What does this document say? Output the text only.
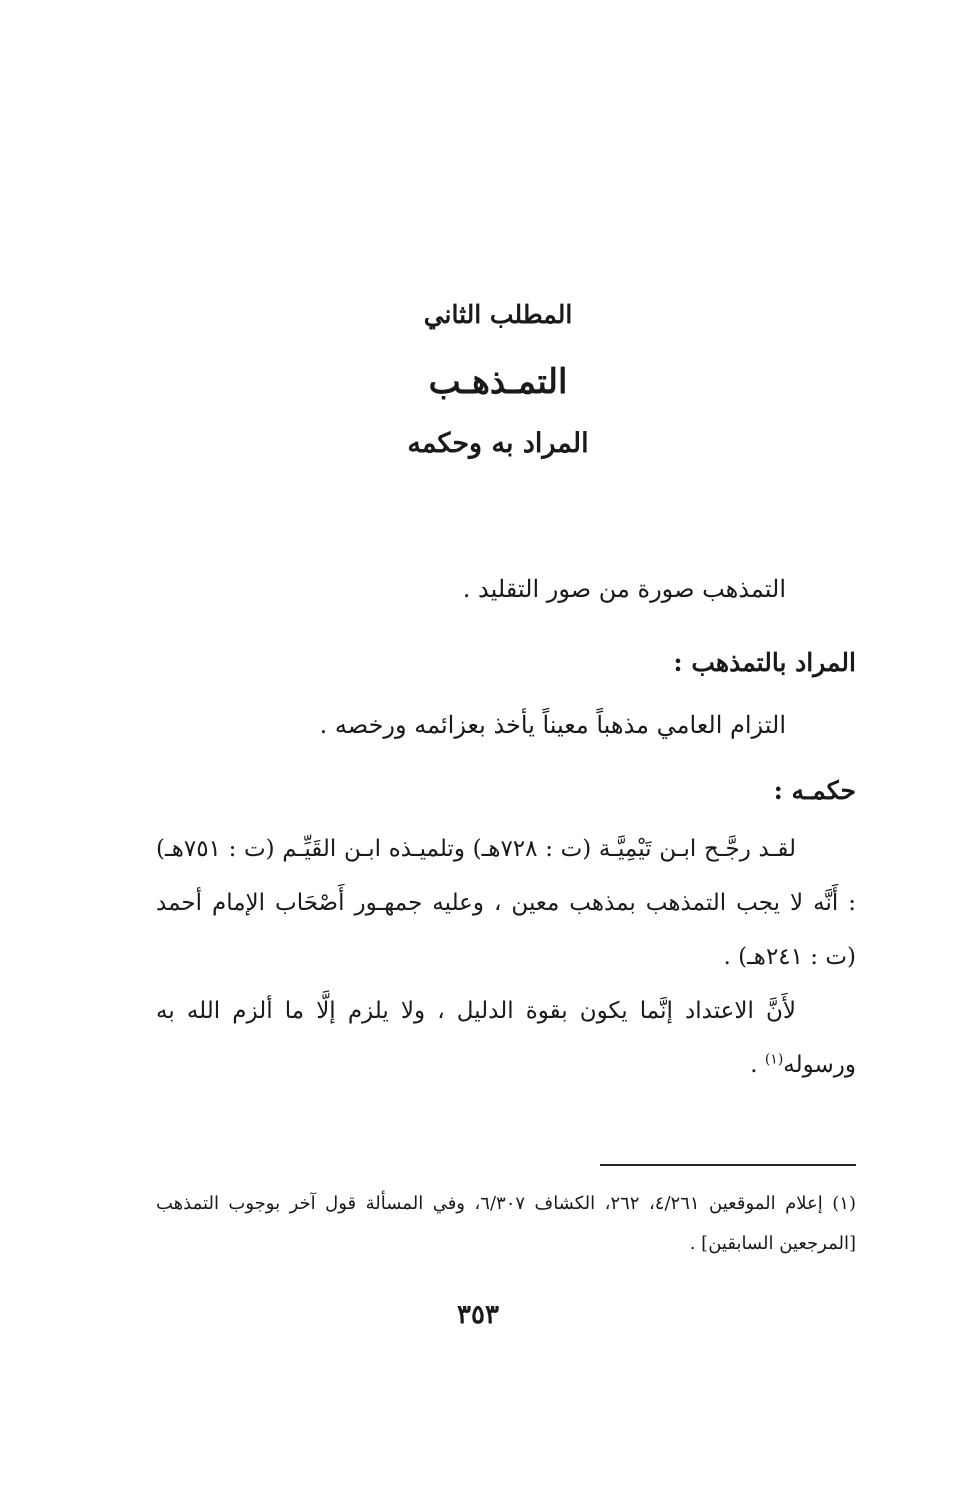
المطلب الثاني
التمـذهـب
المراد به وحكمه
التمذهب صورة من صور التقليد .
المراد بالتمذهب :
التزام العامي مذهباً معيناً يأخذ بعزائمه ورخصه .
حكمـه :
لقـد رجَّـح ابـن تَيْمِيَّـة (ت : ٧٢٨هـ) وتلميـذه ابـن القَيِّـم (ت : ٧٥١هـ) : أَنَّه لا يجب التمذهب بمذهب معين ، وعليه جمهـور أَصْحَاب الإمام أحمد (ت : ٢٤١هـ) .
لأَنَّ الاعتداد إنَّما يكون بقوة الدليل ، ولا يلزم إلَّا ما ألزم الله به ورسوله$^{(١)}$ .
(١) إعلام الموقعين ٤/٢٦١، ٢٦٢، الكشاف ٦/٣٠٧، وفي المسألة قول آخر بوجوب التمذهب [المرجعين السابقين] .
٣٥٣
